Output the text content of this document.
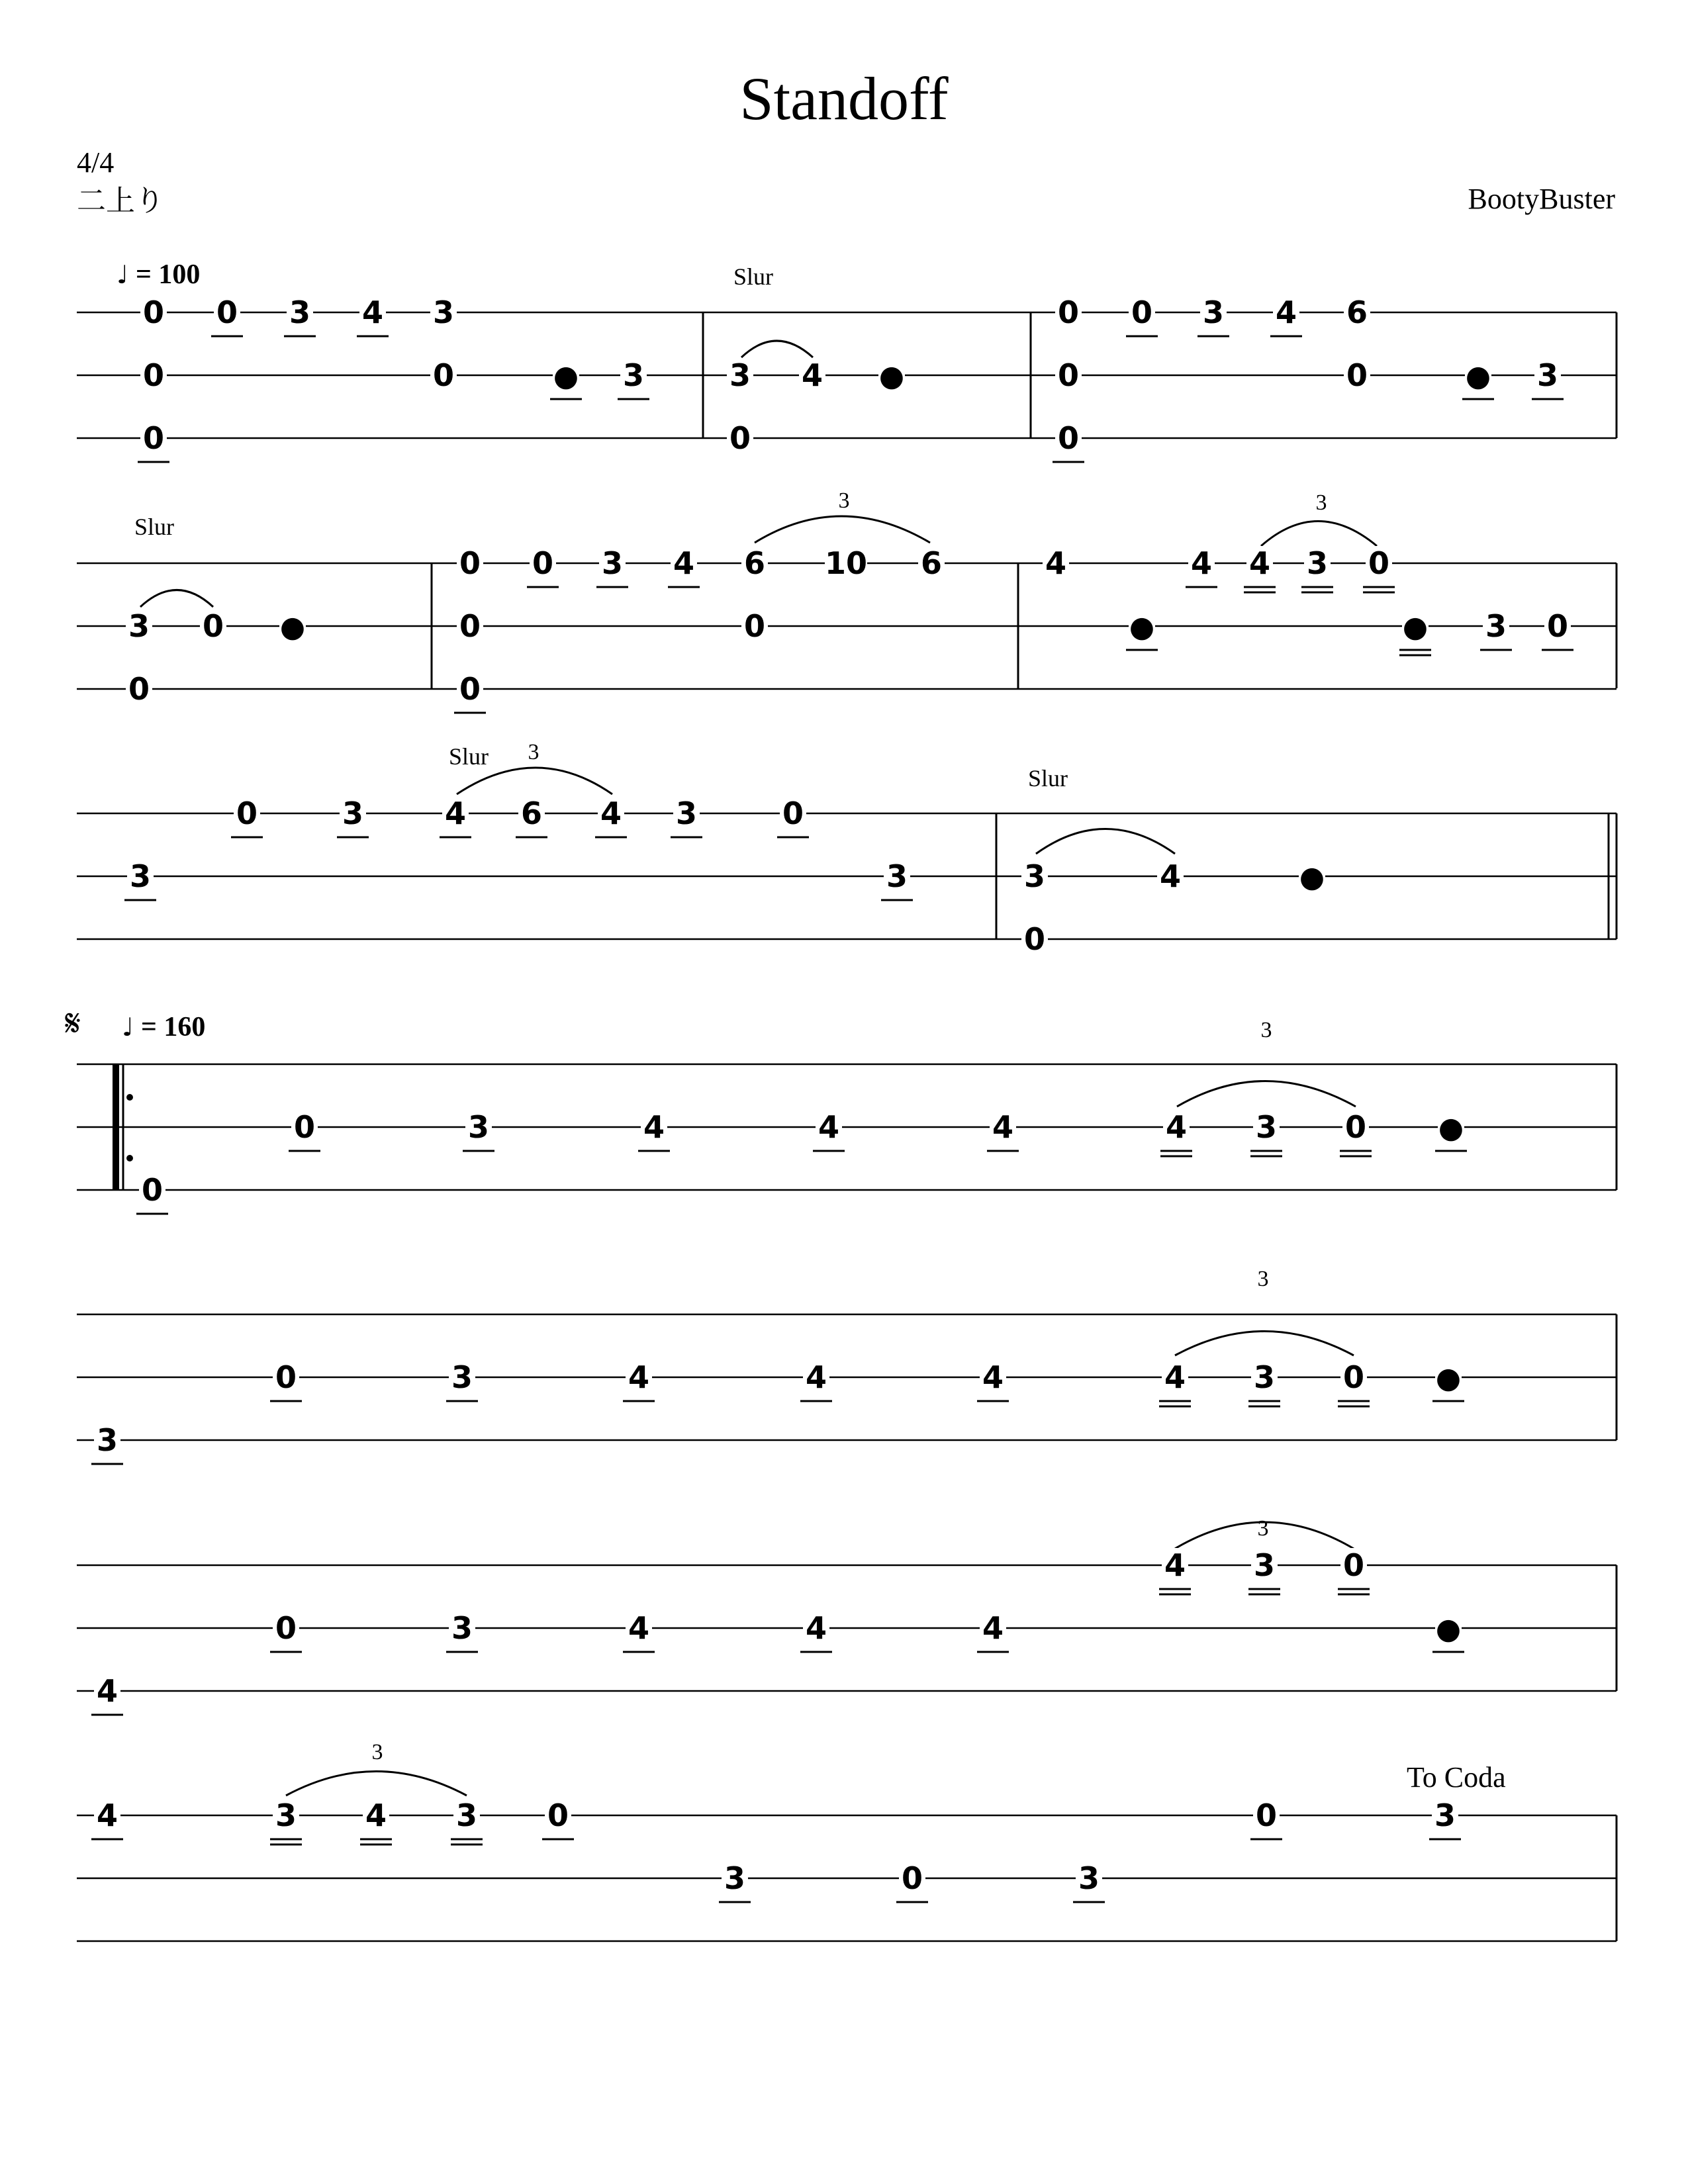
Standoff
4/4
二上り	BootyBuster
♩ = 100
♩ = 160
𝄋
Slur
Slur
Slur
Slur
3	3
3
3
3
3
3
To Coda
0
0
0
0 3 4 3
0	● 3	3
0
4 ●
0
0
0
0 3 4 6
0	● 3
3
0
0 ●
0
0
0
0 3 4 6
0
10 6	4
●
4 4 3 0
● 3 0
3
0	3	4 6 4 3	0
3	3
0
4	●
0
0	3	4	4	4	4 3 0 ●
3
0	3	4	4	4	4 3 0 ●
4
0	3	4	4	4
4 3 0
●
4	3 4 3 0
3	0	3
0	3
